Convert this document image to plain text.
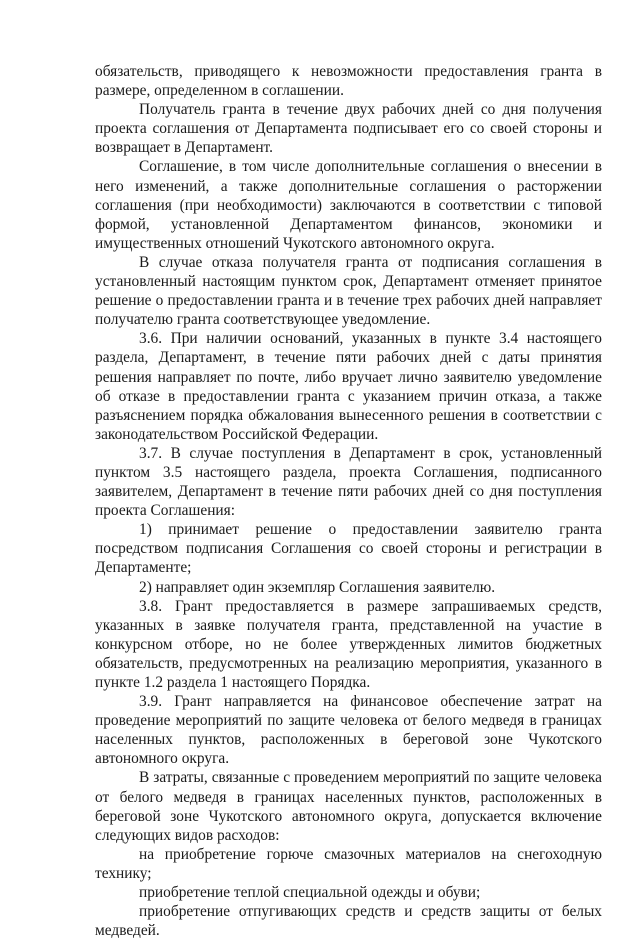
обязательств, приводящего к невозможности предоставления гранта в размере, определенном в соглашении.

Получатель гранта в течение двух рабочих дней со дня получения проекта соглашения от Департамента подписывает его со своей стороны и возвращает в Департамент.

Соглашение, в том числе дополнительные соглашения о внесении в него изменений, а также дополнительные соглашения о расторжении соглашения (при необходимости) заключаются в соответствии с типовой формой, установленной Департаментом финансов, экономики и имущественных отношений Чукотского автономного округа.

В случае отказа получателя гранта от подписания соглашения в установленный настоящим пунктом срок, Департамент отменяет принятое решение о предоставлении гранта и в течение трех рабочих дней направляет получателю гранта соответствующее уведомление.

3.6. При наличии оснований, указанных в пункте 3.4 настоящего раздела, Департамент, в течение пяти рабочих дней с даты принятия решения направляет по почте, либо вручает лично заявителю уведомление об отказе в предоставлении гранта с указанием причин отказа, а также разъяснением порядка обжалования вынесенного решения в соответствии с законодательством Российской Федерации.

3.7. В случае поступления в Департамент в срок, установленный пунктом 3.5 настоящего раздела, проекта Соглашения, подписанного заявителем, Департамент в течение пяти рабочих дней со дня поступления проекта Соглашения:

1) принимает решение о предоставлении заявителю гранта посредством подписания Соглашения со своей стороны и регистрации в Департаменте;

2) направляет один экземпляр Соглашения заявителю.

3.8. Грант предоставляется в размере запрашиваемых средств, указанных в заявке получателя гранта, представленной на участие в конкурсном отборе, но не более утвержденных лимитов бюджетных обязательств, предусмотренных на реализацию мероприятия, указанного в пункте 1.2 раздела 1 настоящего Порядка.

3.9. Грант направляется на финансовое обеспечение затрат на проведение мероприятий по защите человека от белого медведя в границах населенных пунктов, расположенных в береговой зоне Чукотского автономного округа.

В затраты, связанные с проведением мероприятий по защите человека от белого медведя в границах населенных пунктов, расположенных в береговой зоне Чукотского автономного округа, допускается включение следующих видов расходов:

на приобретение горюче смазочных материалов на снегоходную технику;

приобретение теплой специальной одежды и обуви;

приобретение отпугивающих средств и средств защиты от белых медведей.
